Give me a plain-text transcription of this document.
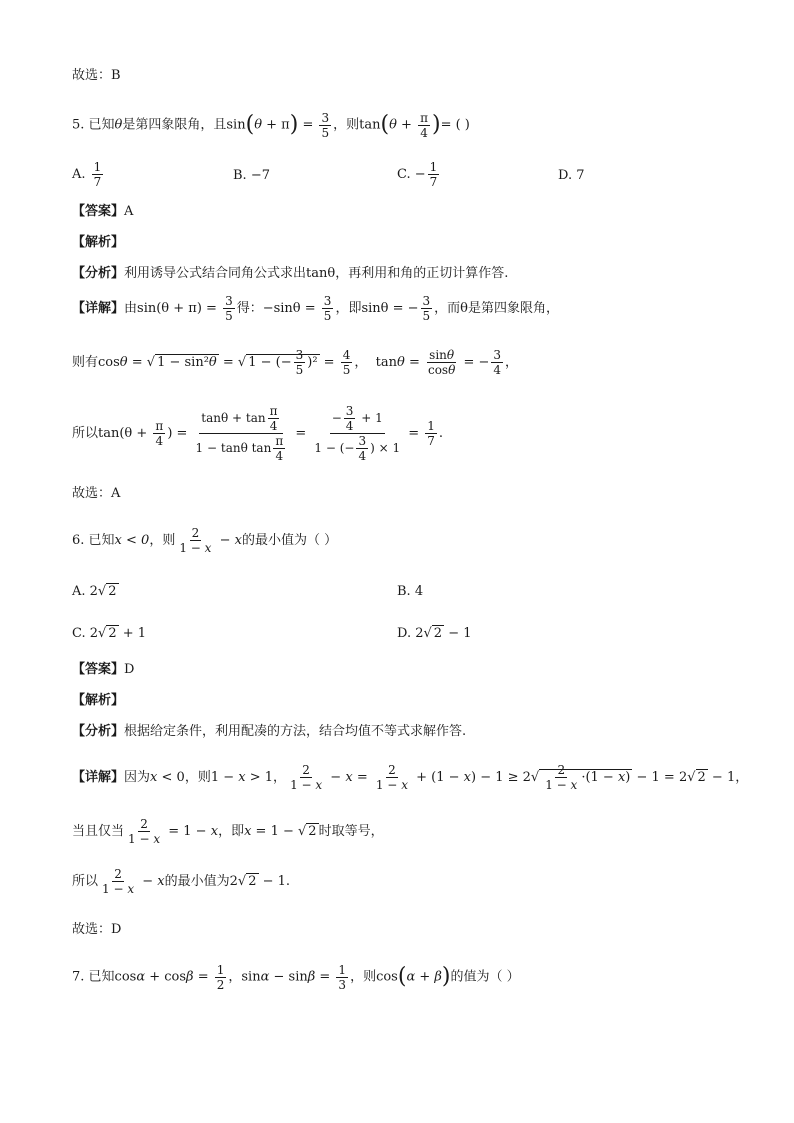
故选：B
5. 已知θ是第四象限角，且$\sin(\theta + \pi) = \frac{3}{5}$ ，则$\tan(\theta + \frac{\pi}{4}$ )= ( )
A. $\frac{1}{7}$	B. −7	C. − $\frac{1}{7}$	D. 7
【答案】A
【解析】
【分析】利用诱导公式结合同角公式求出tanθ，再利用和角的正切计算作答.
【详解】由$\sin(\theta + \pi) = \frac{3}{5}$ 得：$-\sin\theta = \frac{3}{5}$ ，即sinθ = − $\frac{3}{5}$ ，而θ是第四象限角，
则有cosθ = √ 1 − sin²θ = √ 1 − (− $\frac{3}{5} )^2 = \frac{4}{5}$ ，  $\tan\theta = \frac{\sin\theta}{\cos\theta}$ = − $\frac{3}{4}$ ，
所以$\tan(\theta + \frac{\pi}{4}$ ) = $\frac{\tan\theta + \tan \frac{\pi}{4}}{1 - \tan\theta \tan \frac{\pi}{4}} = \frac{- \frac{3}{4} + 1}{1 - (- \frac{3}{4} ) \times 1} = \frac{1}{7}$ .
故选：A
6. 已知x < 0，则 $\frac{2}{1 - x} - x$的最小值为（ ）
A. 2√ 2	B. 4
C. 2√ 2 + 1	D. 2√ 2 − 1
【答案】D
【解析】
【分析】根据给定条件，利用配凑的方法，结合均值不等式求解作答.
【详解】因为x < 0，则1 − x > 1， $\frac{2}{1 - x} - x = \frac{2}{1 - x} + (1 - x) - 1 \ge 2√ \frac{2}{1 - x} \cdot(1 - x) - 1 = 2√$ 2 − 1，
当且仅当 $\frac{2}{1 - x} = 1 - x$，即x = 1 − √ 2 时取等号，
所以 $\frac{2}{1 - x} - x$的最小值为2√ 2 − 1.
故选：D
7. 已知$\cos\alpha + \cos\beta = \frac{1}{2}$ ，$\sin\alpha - \sin\beta = \frac{1}{3}$ ，则cos(α + β)的值为（ ）
